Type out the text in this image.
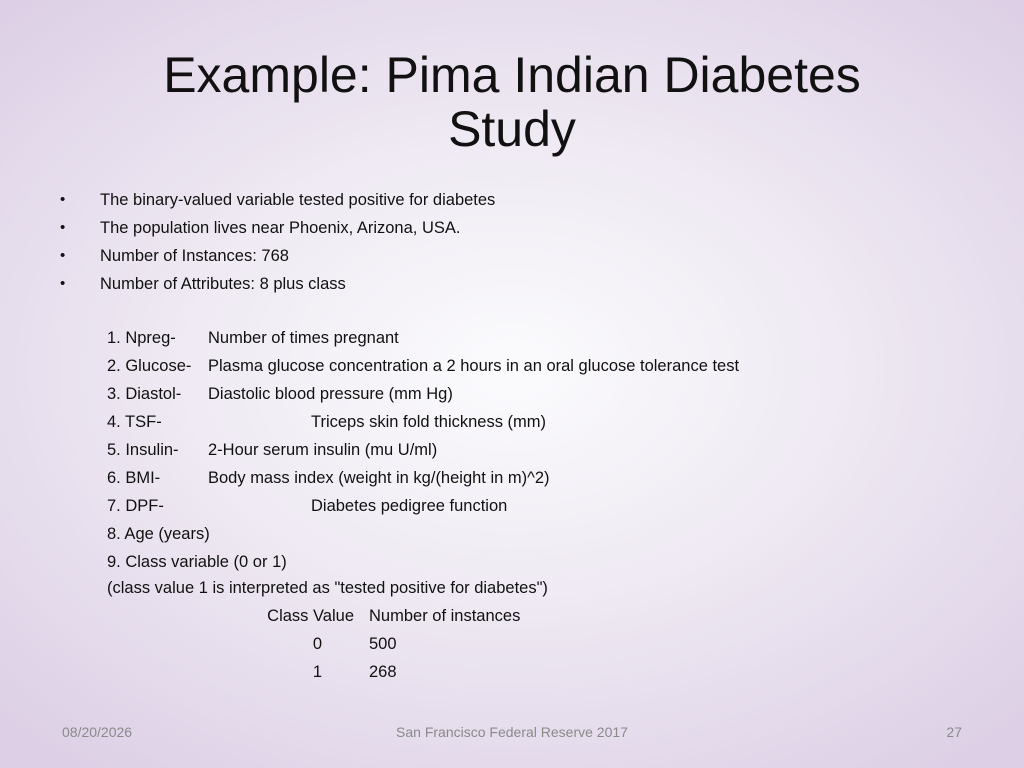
Example: Pima Indian Diabetes Study
• The binary-valued variable tested positive for diabetes
• The population lives near Phoenix, Arizona, USA.
• Number of Instances: 768
• Number of Attributes: 8 plus class
1. Npreg- Number of times pregnant
2. Glucose- Plasma glucose concentration a 2 hours in an oral glucose tolerance test
3. Diastol- Diastolic blood pressure (mm Hg)
4. TSF-	Triceps skin fold thickness (mm)
5. Insulin- 2-Hour serum insulin (mu U/ml)
6. BMI-	Body mass index (weight in kg/(height in m)^2)
7. DPF-	Diabetes pedigree function
8. Age (years)
9. Class variable (0 or 1)
(class value 1 is interpreted as "tested positive for diabetes")
Class Value Number of instances
0	500
1	268
08/20/2026	San Francisco Federal Reserve 2017	27
